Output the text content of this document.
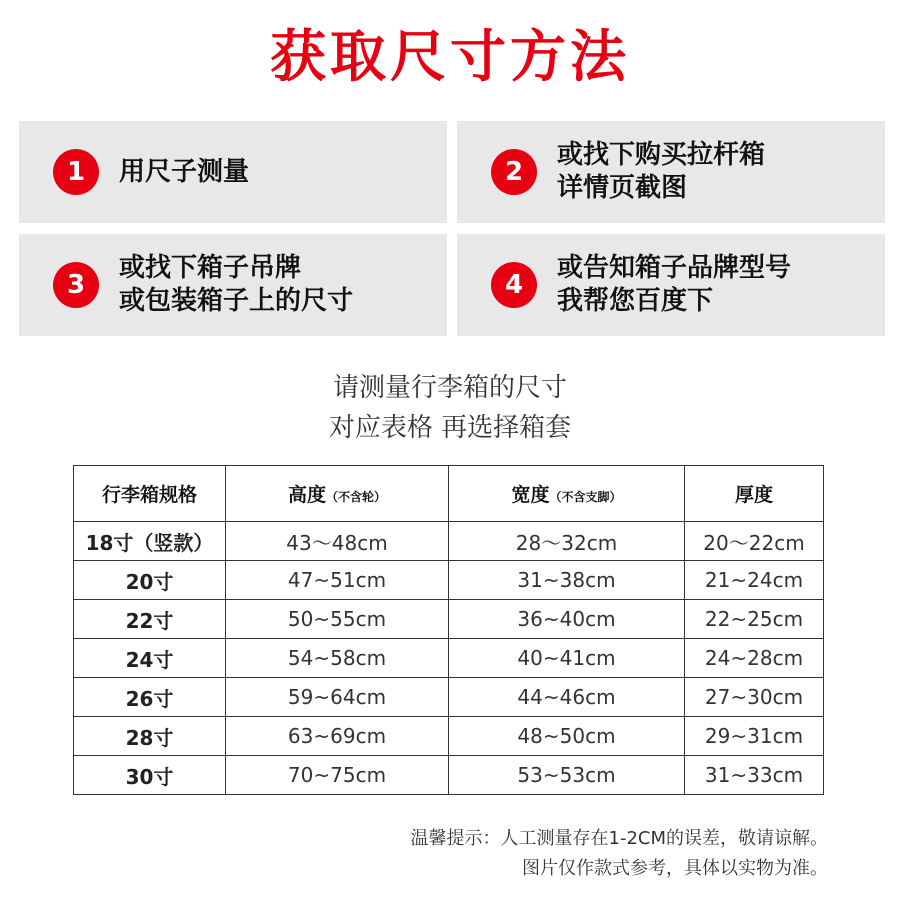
获取尺寸方法
1	用尺子测量	2
或找下购买拉杆箱
详情页截图
3
或找下箱子吊牌
或包装箱子上的尺寸
4
或告知箱子品牌型号
我帮您百度下
请测量行李箱的尺寸
对应表格 再选择箱套
行李箱规格	高度（不含轮）	宽度（不含支脚）	厚度
18寸（竖款）	43～48cm	28～32cm	20～22cm
20寸	47~51cm	31~38cm	21~24cm
22寸	50~55cm	36~40cm	22~25cm
24寸	54~58cm	40~41cm	24~28cm
26寸	59~64cm	44~46cm	27~30cm
28寸	63~69cm	48~50cm	29~31cm
30寸	70~75cm	53~53cm	31~33cm
温馨提示：人工测量存在1-2CM的误差，敬请谅解。
图片仅作款式参考，具体以实物为准。
